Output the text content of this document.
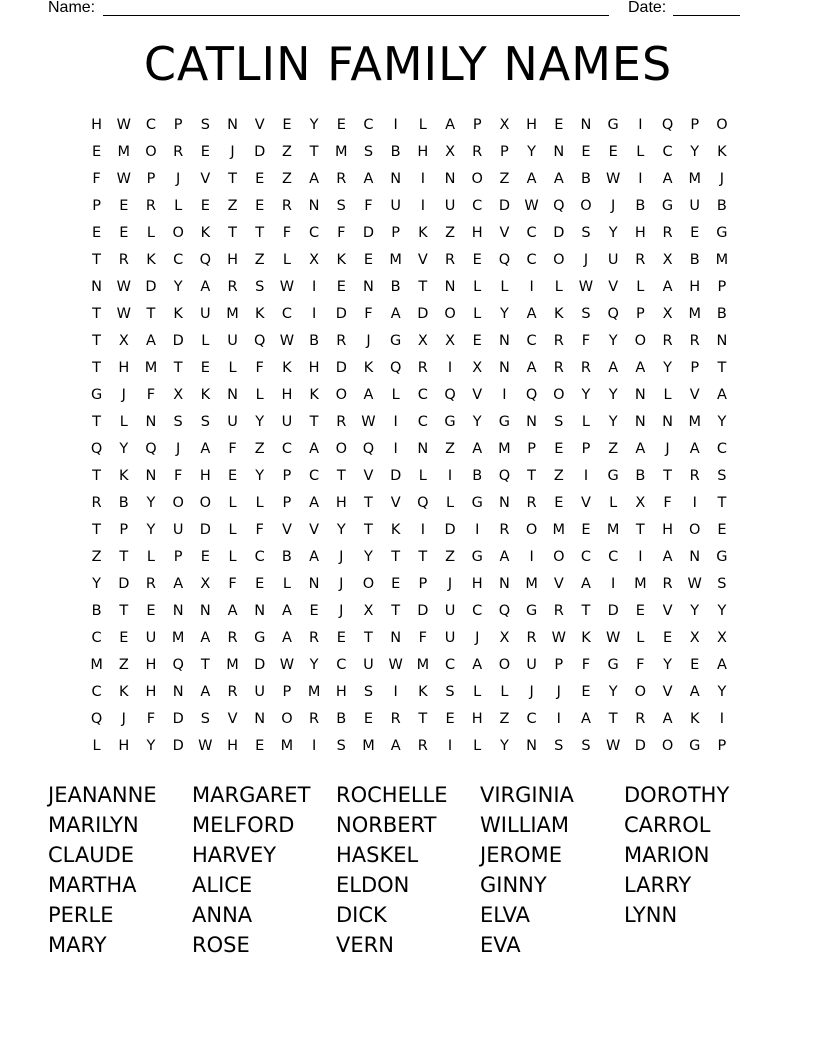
Name:	Date:
CATLIN FAMILY NAMES
H	W	C	P	S	N	V	E	Y	E	C	I	L	A	P	X	H	E	N	G	I	Q	P	O
E	M	O	R	E	J	D	Z	T	M	S	B	H	X	R	P	Y	N	E	E	L	C	Y	K
F	W	P	J	V	T	E	Z	A	R	A	N	I	N	O	Z	A	A	B	W	I	A	M	J
P	E	R	L	E	Z	E	R	N	S	F	U	I	U	C	D W Q	O	J	B	G	U	B
E	E	L	O	K	T	T	F	C	F	D	P	K	Z	H	V	C	D	S	Y	H	R	E	G
T	R	K	C	Q	H	Z	L	X	K	E	M	V	R	E	Q	C	O	J	U	R	X	B	M
N	W D	Y	A	R	S	W	I	E	N	B	T	N	L	L	I	L	W	V	L	A	H	P
T	W	T	K	U	M	K	C	I	D	F	A	D	O	L	Y	A	K	S	Q	P	X	M	B
T	X	A	D	L	U	Q W	B	R	J	G	X	X	E	N	C	R	F	Y	O	R	R	N
T	H	M	T	E	L	F	K	H	D	K	Q	R	I	X	N	A	R	R	A	A	Y	P	T
G	J	F	X	K	N	L	H	K	O	A	L	C	Q	V	I	Q	O	Y	Y	N	L	V	A
T	L	N	S	S	U	Y	U	T	R	W	I	C	G	Y	G	N	S	L	Y	N	N	M	Y
Q	Y	Q	J	A	F	Z	C	A	O	Q	I	N	Z	A	M	P	E	P	Z	A	J	A	C
T	K	N	F	H	E	Y	P	C	T	V	D	L	I	B	Q	T	Z	I	G	B	T	R	S
R	B	Y	O	O	L	L	P	A	H	T	V	Q	L	G	N	R	E	V	L	X	F	I	T
T	P	Y	U	D	L	F	V	V	Y	T	K	I	D	I	R	O	M	E	M	T	H	O	E
Z	T	L	P	E	L	C	B	A	J	Y	T	T	Z	G	A	I	O	C	C	I	A	N	G
Y	D	R	A	X	F	E	L	N	J	O	E	P	J	H	N	M	V	A	I	M	R	W	S
B	T	E	N	N	A	N	A	E	J	X	T	D	U	C	Q	G	R	T	D	E	V	Y	Y
C	E	U	M	A	R	G	A	R	E	T	N	F	U	J	X	R	W	K	W	L	E	X	X
M	Z	H	Q	T	M	D W	Y	C	U	W M	C	A	O	U	P	F	G	F	Y	E	A
C	K	H	N	A	R	U	P	M	H	S	I	K	S	L	L	J	J	E	Y	O	V	A	Y
Q	J	F	D	S	V	N	O	R	B	E	R	T	E	H	Z	C	I	A	T	R	A	K	I
L	H	Y	D W	H	E	M	I	S	M	A	R	I	L	Y	N	S	S	W D	O	G	P
JEANANNE	MARGARET	ROCHELLE	VIRGINIA	DOROTHY
MARILYN	MELFORD	NORBERT	WILLIAM	CARROL
CLAUDE	HARVEY	HASKEL	JEROME	MARION
MARTHA	ALICE	ELDON	GINNY	LARRY
PERLE	ANNA	DICK	ELVA	LYNN
MARY	ROSE	VERN	EVA
